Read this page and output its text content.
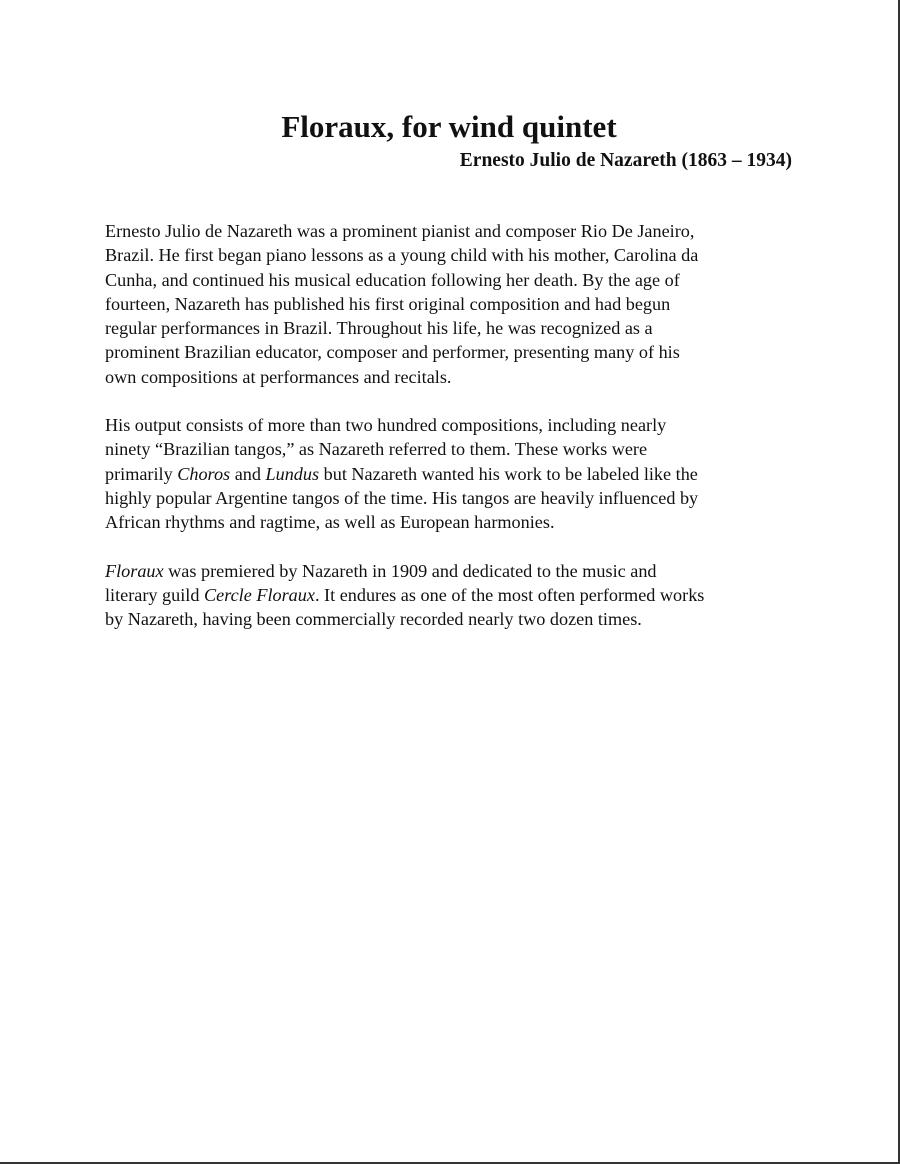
Floraux, for wind quintet
Ernesto Julio de Nazareth (1863 – 1934)

Ernesto Julio de Nazareth was a prominent pianist and composer Rio De Janeiro,
Brazil. He first began piano lessons as a young child with his mother, Carolina da
Cunha, and continued his musical education following her death. By the age of
fourteen, Nazareth has published his first original composition and had begun
regular performances in Brazil. Throughout his life, he was recognized as a
prominent Brazilian educator, composer and performer, presenting many of his
own compositions at performances and recitals.

His output consists of more than two hundred compositions, including nearly
ninety “Brazilian tangos,” as Nazareth referred to them. These works were
primarily Choros and Lundus but Nazareth wanted his work to be labeled like the
highly popular Argentine tangos of the time. His tangos are heavily influenced by
African rhythms and ragtime, as well as European harmonies.

Floraux was premiered by Nazareth in 1909 and dedicated to the music and
literary guild Cercle Floraux. It endures as one of the most often performed works
by Nazareth, having been commercially recorded nearly two dozen times.
